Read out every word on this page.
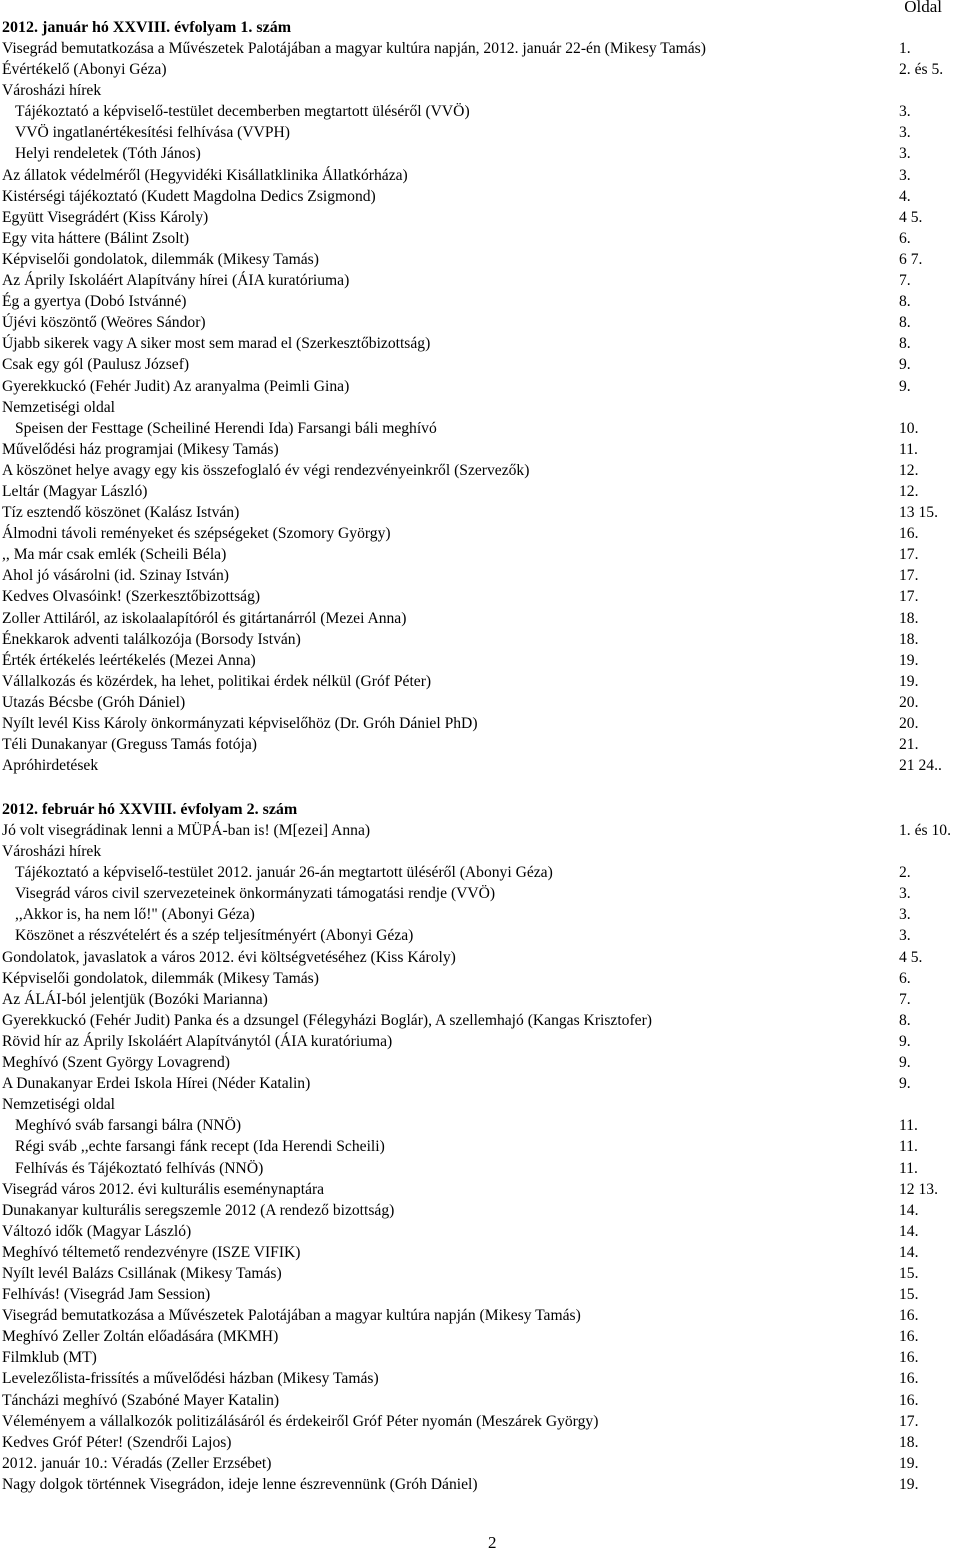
Oldal
2012. január hó XXVIII. évfolyam 1. szám
Visegrád bemutatkozása a Művészetek Palotájában a magyar kultúra napján, 2012. január 22-én (Mikesy Tamás)	1.
Évértékelő (Abonyi Géza)	2. és 5.
Városházi hírek
Tájékoztató a képviselő-testület decemberben megtartott üléséről (VVÖ)	3.
VVÖ ingatlanértékesítési felhívása (VVPH)	3.
Helyi rendeletek (Tóth János)	3.
Az állatok védelméről (Hegyvidéki Kisállatklinika Állatkórháza)	3.
Kistérségi tájékoztató (Kudett Magdolna Dedics Zsigmond)	4.
Együtt Visegrádért (Kiss Károly)	4 5.
Egy vita háttere (Bálint Zsolt)	6.
Képviselői gondolatok, dilemmák (Mikesy Tamás)	6 7.
Az Áprily Iskoláért Alapítvány hírei (ÁIA kuratóriuma)	7.
Ég a gyertya (Dobó Istvánné)	8.
Újévi köszöntő (Weöres Sándor)	8.
Újabb sikerek vagy A siker most sem marad el (Szerkesztőbizottság)	8.
Csak egy gól (Paulusz József)	9.
Gyerekkuckó (Fehér Judit) Az aranyalma (Peimli Gina)	9.
Nemzetiségi oldal
Speisen der Festtage (Scheiliné Herendi Ida) Farsangi báli meghívó	10.
Művelődési ház programjai (Mikesy Tamás)	11.
A köszönet helye avagy egy kis összefoglaló év végi rendezvényeinkről (Szervezők)	12.
Leltár (Magyar László)	12.
Tíz esztendő köszönet (Kalász István)	13 15.
Álmodni távoli reményeket és szépségeket (Szomory György)	16.
,, Ma már csak emlék (Scheili Béla)	17.
Ahol jó vásárolni (id. Szinay István)	17.
Kedves Olvasóink! (Szerkesztőbizottság)	17.
Zoller Attiláról, az iskolaalapítóról és gitártanárról (Mezei Anna)	18.
Énekkarok adventi találkozója (Borsody István)	18.
Érték értékelés leértékelés (Mezei Anna)	19.
Vállalkozás és közérdek, ha lehet, politikai érdek nélkül (Gróf Péter)	19.
Utazás Bécsbe (Gróh Dániel)	20.
Nyílt levél Kiss Károly önkormányzati képviselőhöz (Dr. Gróh Dániel PhD)	20.
Téli Dunakanyar (Greguss Tamás fotója)	21.
Apróhirdetések	21 24..
2012. február hó XXVIII. évfolyam 2. szám
Jó volt visegrádinak lenni a MÜPÁ-ban is! (M[ezei] Anna)	1. és 10.
Városházi hírek
Tájékoztató a képviselő-testület 2012. január 26-án megtartott üléséről (Abonyi Géza)	2.
Visegrád város civil szervezeteinek önkormányzati támogatási rendje (VVÖ)	3.
,,Akkor is, ha nem lő!" (Abonyi Géza)	3.
Köszönet a részvételért és a szép teljesítményért (Abonyi Géza)	3.
Gondolatok, javaslatok a város 2012. évi költségvetéséhez (Kiss Károly)	4 5.
Képviselői gondolatok, dilemmák (Mikesy Tamás)	6.
Az ÁLÁI-ból jelentjük (Bozóki Marianna)	7.
Gyerekkuckó (Fehér Judit) Panka és a dzsungel (Félegyházi Boglár), A szellemhajó (Kangas Krisztofer)	8.
Rövid hír az Áprily Iskoláért Alapítványtól (ÁIA kuratóriuma)	9.
Meghívó (Szent György Lovagrend)	9.
A Dunakanyar Erdei Iskola Hírei (Néder Katalin)	9.
Nemzetiségi oldal
Meghívó sváb farsangi bálra (NNÖ)	11.
Régi sváb ,,echte farsangi fánk recept (Ida Herendi Scheili)	11.
Felhívás és Tájékoztató felhívás (NNÖ)	11.
Visegrád város 2012. évi kulturális eseménynaptára	12 13.
Dunakanyar kulturális seregszemle 2012 (A rendező bizottság)	14.
Változó idők (Magyar László)	14.
Meghívó téltemető rendezvényre (ISZE VIFIK)	14.
Nyílt levél Balázs Csillának (Mikesy Tamás)	15.
Felhívás! (Visegrád Jam Session)	15.
Visegrád bemutatkozása a Művészetek Palotájában a magyar kultúra napján (Mikesy Tamás)	16.
Meghívó Zeller Zoltán előadására (MKMH)	16.
Filmklub (MT)	16.
Levelezőlista-frissítés a művelődési házban (Mikesy Tamás)	16.
Táncházi meghívó (Szabóné Mayer Katalin)	16.
Véleményem a vállalkozók politizálásáról és érdekeiről Gróf Péter nyomán (Meszárek György)	17.
Kedves Gróf Péter! (Szendrői Lajos)	18.
2012. január 10.: Véradás (Zeller Erzsébet)	19.
Nagy dolgok történnek Visegrádon, ideje lenne észrevennünk (Gróh Dániel)	19.
2
